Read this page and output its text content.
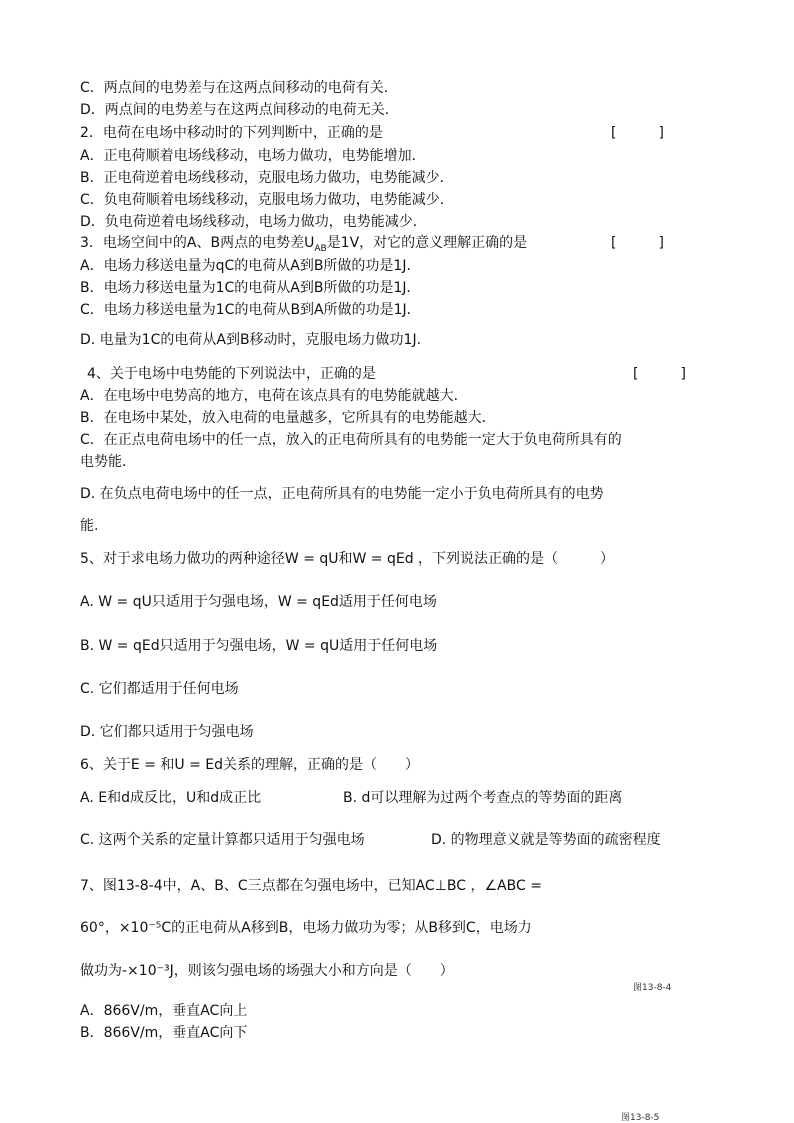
C．两点间的电势差与在这两点间移动的电荷有关．
D．两点间的电势差与在这两点间移动的电荷无关．
2．电荷在电场中移动时的下列判断中，正确的是	[　　　]
A．正电荷顺着电场线移动，电场力做功，电势能增加．
B．正电荷逆着电场线移动，克服电场力做功，电势能减少．
C．负电荷顺着电场线移动，克服电场力做功，电势能减少．
D．负电荷逆着电场线移动，电场力做功，电势能减少．
3．电场空间中的A、B两点的电势差$U_{AB}$是1V，对它的意义理解正确的是	[　　　]
A．电场力移送电量为qC的电荷从A到B所做的功是1J．
B．电场力移送电量为1C的电荷从A到B所做的功是1J．
C．电场力移送电量为1C的电荷从B到A所做的功是1J．
D. 电量为1C的电荷从A到B移动时，克服电场力做功1J.
4、关于电场中电势能的下列说法中，正确的是	[　　　]
A．在电场中电势高的地方，电荷在该点具有的电势能就越大．
B．在电场中某处，放入电荷的电量越多，它所具有的电势能越大．
C．在正点电荷电场中的任一点，放入的正电荷所具有的电势能一定大于负电荷所具有的
电势能．
D. 在负点电荷电场中的任一点，正电荷所具有的电势能一定小于负电荷所具有的电势
能.
5、对于求电场力做功的两种途径W = qU和W = qEd ，下列说法正确的是（　　　）
A. W = qU只适用于匀强电场，W = qEd适用于任何电场
B. W = qEd只适用于匀强电场，W = qU适用于任何电场
C. 它们都适用于任何电场
D. 它们都只适用于匀强电场
6、关于E = 和U = Ed关系的理解，正确的是（　　）
A. E和d成反比，U和d成正比	B. d可以理解为过两个考查点的等势面的距离
C. 这两个关系的定量计算都只适用于匀强电场	D. 的物理意义就是等势面的疏密程度
7、图13-8-4中，A、B、C三点都在匀强电场中，已知AC⊥BC ，∠ABC =
60°，×10⁻⁵C的正电荷从A移到B，电场力做功为零；从B移到C，电场力
做功为-×10⁻³J，则该匀强电场的场强大小和方向是（　　）
图13-8-4
A．866V/m，垂直AC向上
B．866V/m，垂直AC向下
图13-8-5
